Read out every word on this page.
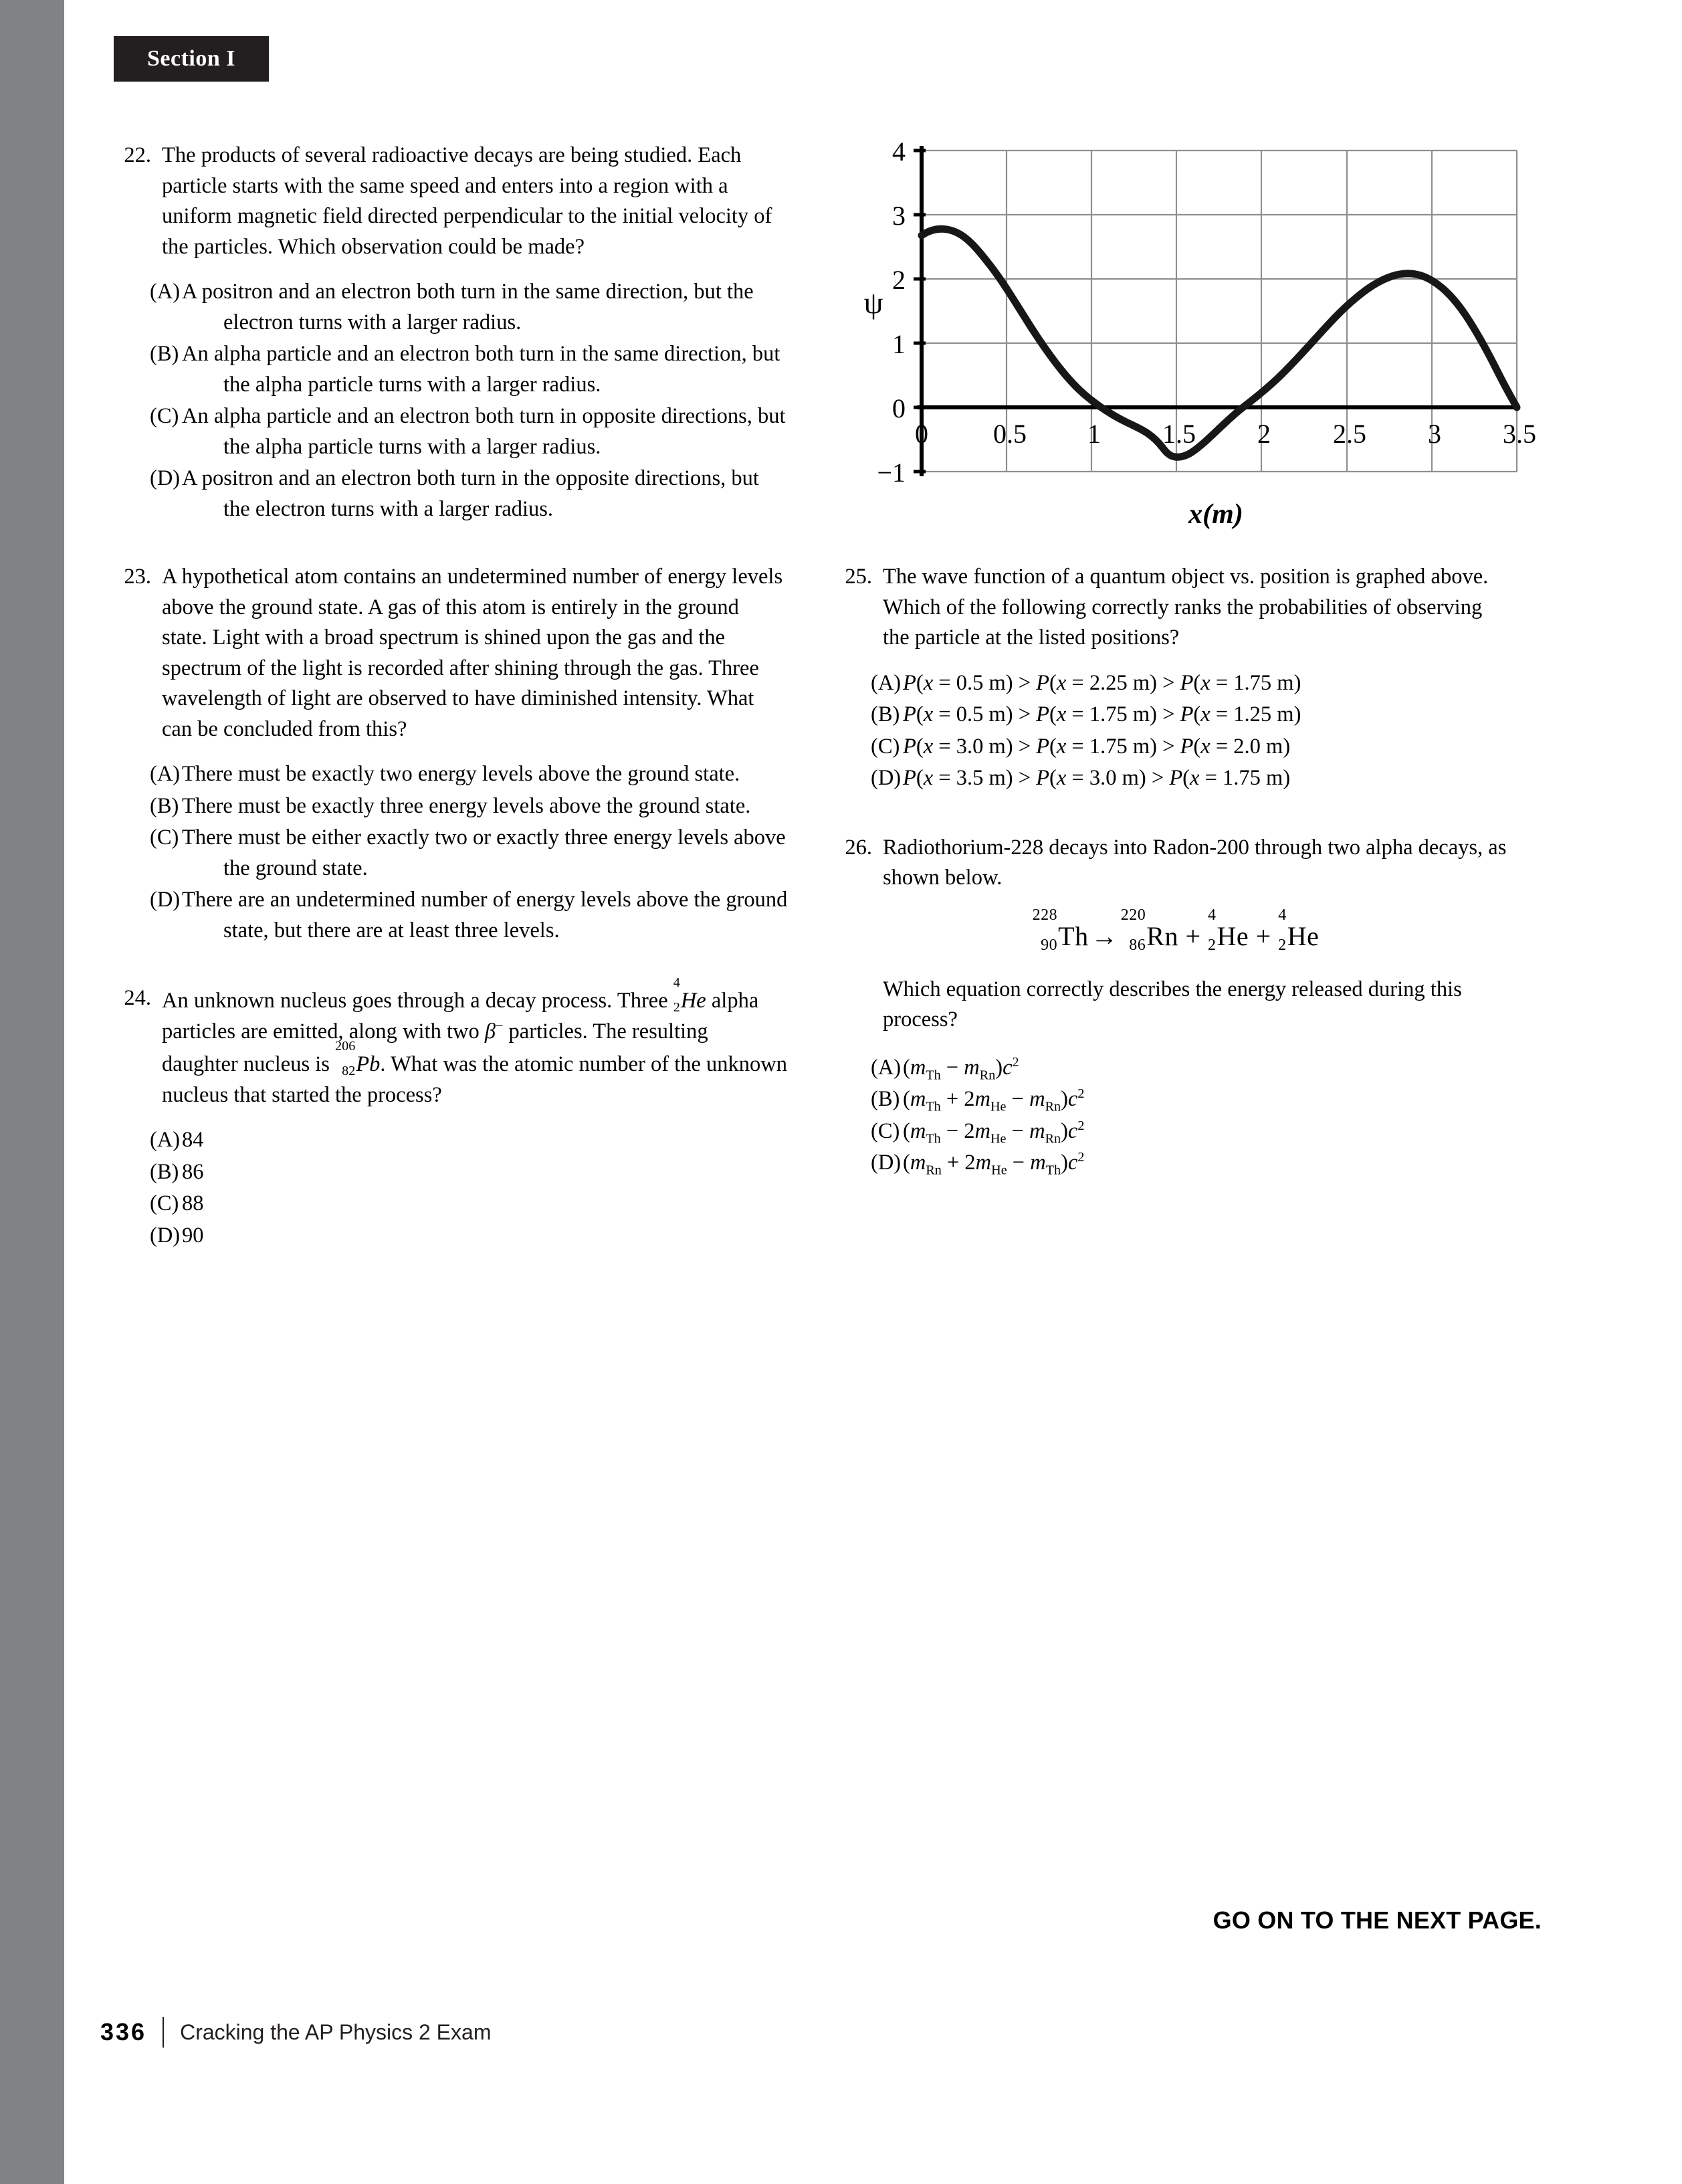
Section I
22. The products of several radioactive decays are being studied. Each particle starts with the same speed and enters into a region with a uniform magnetic field directed perpendicular to the initial velocity of the particles. Which observation could be made?
(A) A positron and an electron both turn in the same direction, but the electron turns with a larger radius.
(B) An alpha particle and an electron both turn in the same direction, but the alpha particle turns with a larger radius.
(C) An alpha particle and an electron both turn in opposite directions, but the alpha particle turns with a larger radius.
(D) A positron and an electron both turn in the opposite directions, but the electron turns with a larger radius.
23. A hypothetical atom contains an undetermined number of energy levels above the ground state. A gas of this atom is entirely in the ground state. Light with a broad spectrum is shined upon the gas and the spectrum of the light is recorded after shining through the gas. Three wavelength of light are observed to have diminished intensity. What can be concluded from this?
(A) There must be exactly two energy levels above the ground state.
(B) There must be exactly three energy levels above the ground state.
(C) There must be either exactly two or exactly three energy levels above the ground state.
(D) There are an undetermined number of energy levels above the ground state, but there are at least three levels.
24. An unknown nucleus goes through a decay process. Three
4
2 He alpha particles are emitted, along with two β− particles. The resulting daughter nucleus is
206
82 Pb. What was the atomic number of the unknown nucleus that started the process?
(A) 84
(B) 86
(C) 88
(D) 90
4
3
2
1
0
−1
0 0.5 1 1.5 2 2.5 3 3.5
ψ
x(m)
25. The wave function of a quantum object vs. position is graphed above. Which of the following correctly ranks the probabilities of observing the particle at the listed positions?
(A) P(x = 0.5 m) > P(x = 2.25 m) > P(x = 1.75 m)
(B) P(x = 0.5 m) > P(x = 1.75 m) > P(x = 1.25 m)
(C) P(x = 3.0 m) > P(x = 1.75 m) > P(x = 2.0 m)
(D) P(x = 3.5 m) > P(x = 3.0 m) > P(x = 1.75 m)
26. Radiothorium-228 decays into Radon-200 through two alpha decays, as shown below.
228
90 Th → 
220
86 Rn +
4
2 He +
4
2 He
Which equation correctly describes the energy released during this process?
(A) $(m_{Th} - m_{Rn})c^2$
(B) $(m_{Th} + 2m_{He} - m_{Rn})c^2$
(C) $(m_{Th} - 2m_{He} - m_{Rn})c^2$
(D) $(m_{Rn} + 2m_{He} - m_{Th})c^2$
GO ON TO THE NEXT PAGE.
336 Cracking the AP Physics 2 Exam
